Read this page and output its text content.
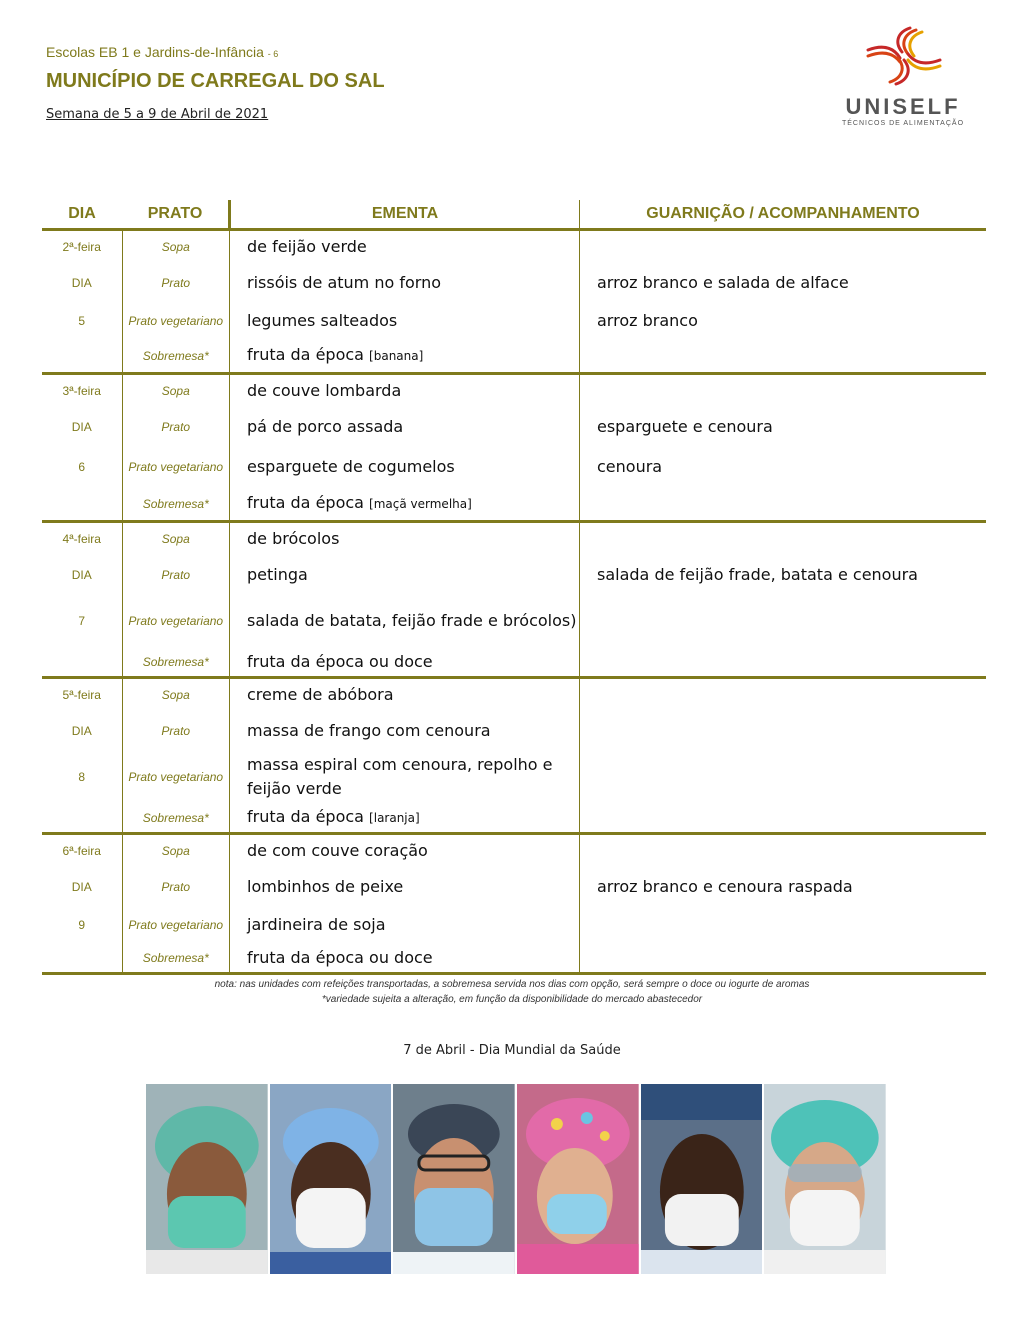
Escolas EB 1 e Jardins-de-Infância - 6
MUNICÍPIO DE CARREGAL DO SAL
Semana de 5 a 9 de Abril de 2021	UNISELF
TÉCNICOS DE ALIMENTAÇÃO
DIA	PRATO	EMENTA	GUARNIÇÃO / ACOMPANHAMENTO
2ª-feira	Sopa	de feijão verde	
DIA	Prato	rissóis de atum no forno	arroz branco e salada de alface
5	Prato vegetariano	legumes salteados	arroz branco
	Sobremesa*	fruta da época [banana]	
3ª-feira	Sopa	de couve lombarda	
DIA	Prato	pá de porco assada	esparguete e cenoura
6	Prato vegetariano	esparguete de cogumelos	cenoura
	Sobremesa*	fruta da época [maçã vermelha]	
4ª-feira	Sopa	de brócolos	
DIA	Prato	petinga	salada de feijão frade, batata e cenoura
7	Prato vegetariano	salada de batata, feijão frade e brócolos)	
	Sobremesa*	fruta da época ou doce	
5ª-feira	Sopa	creme de abóbora	
DIA	Prato	massa de frango com cenoura	
8	Prato vegetariano	massa espiral com cenoura, repolho e feijão verde	
	Sobremesa*	fruta da época [laranja]	
6ª-feira	Sopa	de com couve coração	
DIA	Prato	lombinhos de peixe	arroz branco e cenoura raspada
9	Prato vegetariano	jardineira de soja	
	Sobremesa*	fruta da época ou doce	
nota: nas unidades com refeições transportadas, a sobremesa servida nos dias com opção, será sempre o doce ou iogurte de aromas
*variedade sujeita a alteração, em função da disponibilidade do mercado abastecedor
7 de Abril - Dia Mundial da Saúde
